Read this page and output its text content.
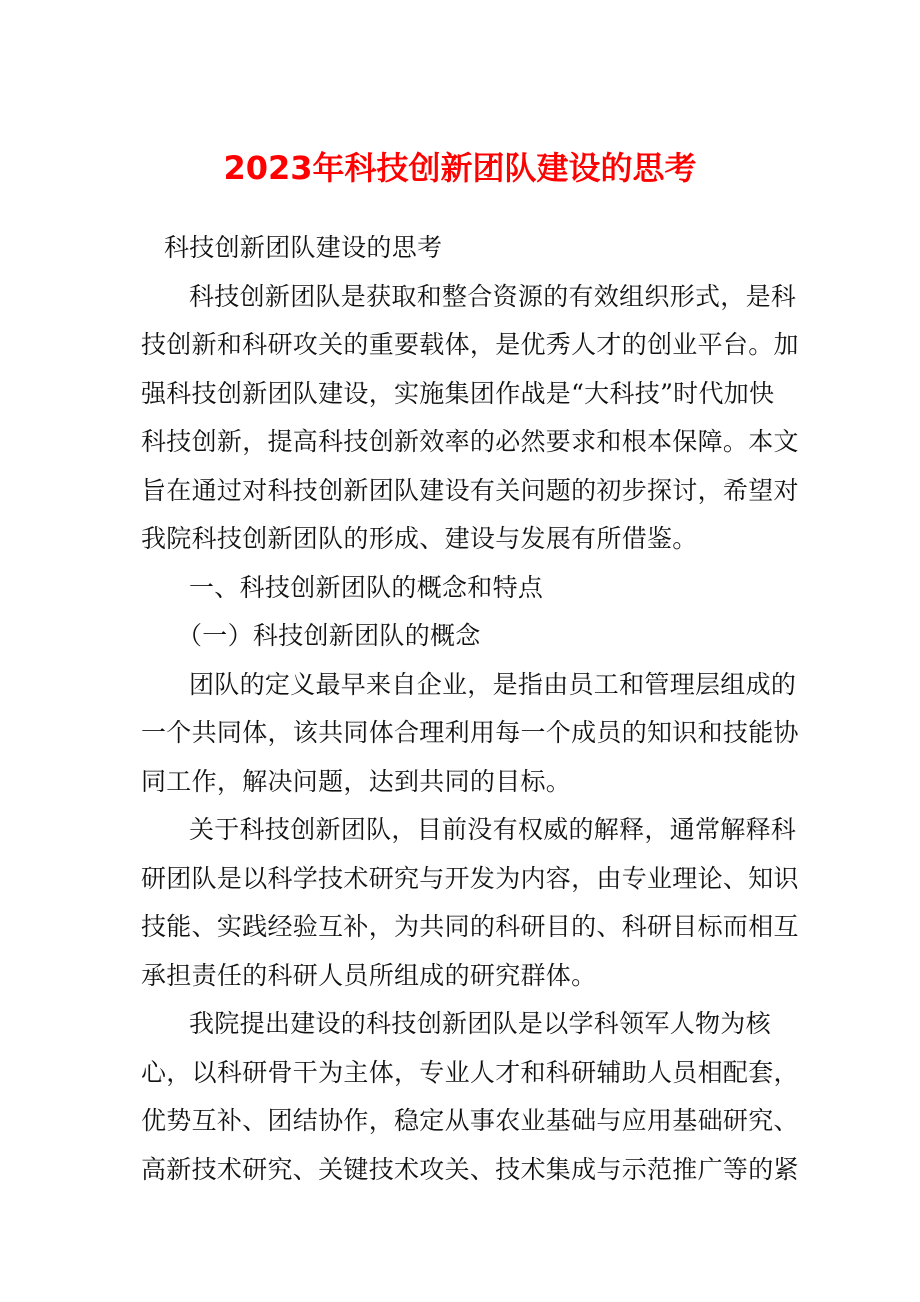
2023年科技创新团队建设的思考
科技创新团队建设的思考
科技创新团队是获取和整合资源的有效组织形式，是科
技创新和科研攻关的重要载体，是优秀人才的创业平台。加
强科技创新团队建设，实施集团作战是“大科技”时代加快
科技创新，提高科技创新效率的必然要求和根本保障。本文
旨在通过对科技创新团队建设有关问题的初步探讨，希望对
我院科技创新团队的形成、建设与发展有所借鉴。
一、科技创新团队的概念和特点
（一）科技创新团队的概念
团队的定义最早来自企业，是指由员工和管理层组成的
一个共同体，该共同体合理利用每一个成员的知识和技能协
同工作，解决问题，达到共同的目标。
关于科技创新团队，目前没有权威的解释，通常解释科
研团队是以科学技术研究与开发为内容，由专业理论、知识
技能、实践经验互补，为共同的科研目的、科研目标而相互
承担责任的科研人员所组成的研究群体。
我院提出建设的科技创新团队是以学科领军人物为核
心，以科研骨干为主体，专业人才和科研辅助人员相配套，
优势互补、团结协作，稳定从事农业基础与应用基础研究、
高新技术研究、关键技术攻关、技术集成与示范推广等的紧
